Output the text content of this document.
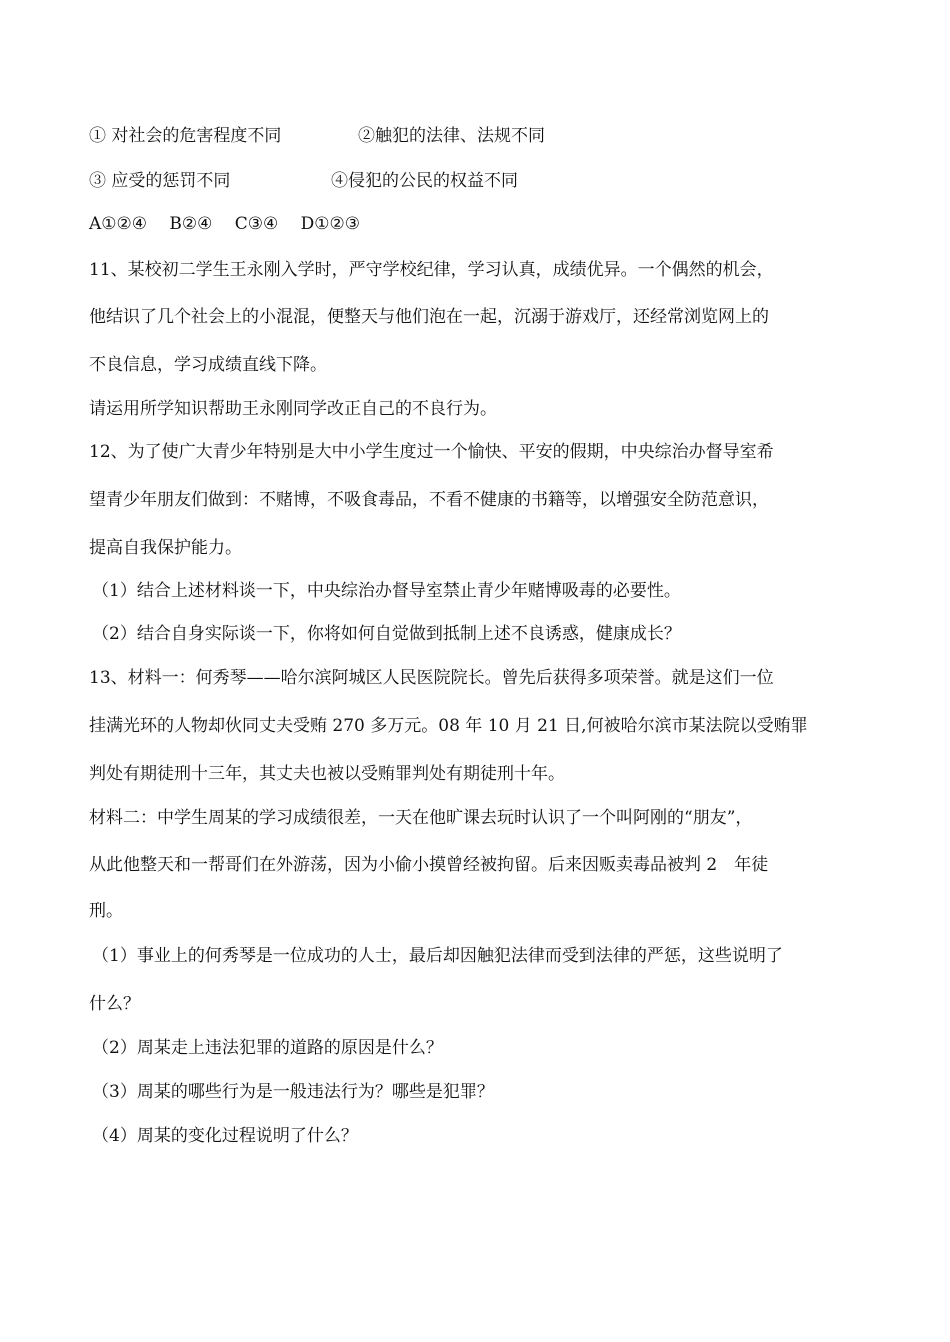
① 对社会的危害程度不同	②触犯的法律、法规不同
③ 应受的惩罚不同	④侵犯的公民的权益不同
A①②④　 B②④　 C③④　 D①②③
11、某校初二学生王永刚入学时，严守学校纪律，学习认真，成绩优异。一个偶然的机会，
他结识了几个社会上的小混混，便整天与他们泡在一起，沉溺于游戏厅，还经常浏览网上的
不良信息，学习成绩直线下降。
请运用所学知识帮助王永刚同学改正自己的不良行为。
12、为了使广大青少年特别是大中小学生度过一个愉快、平安的假期，中央综治办督导室希
望青少年朋友们做到：不赌博，不吸食毒品，不看不健康的书籍等，以增强安全防范意识，
提高自我保护能力。
（1）结合上述材料谈一下，中央综治办督导室禁止青少年赌博吸毒的必要性。
（2）结合自身实际谈一下，你将如何自觉做到抵制上述不良诱惑，健康成长？
13、材料一：何秀琴——哈尔滨阿城区人民医院院长。曾先后获得多项荣誉。就是这们一位
挂满光环的人物却伙同丈夫受贿 270 多万元。08 年 10 月 21 日,何被哈尔滨市某法院以受贿罪
判处有期徒刑十三年，其丈夫也被以受贿罪判处有期徒刑十年。
材料二：中学生周某的学习成绩很差，一天在他旷课去玩时认识了一个叫阿刚的“朋友”，
从此他整天和一帮哥们在外游荡，因为小偷小摸曾经被拘留。后来因贩卖毒品被判 2　年徒
刑。
（1）事业上的何秀琴是一位成功的人士，最后却因触犯法律而受到法律的严惩，这些说明了
什么？
（2）周某走上违法犯罪的道路的原因是什么？
（3）周某的哪些行为是一般违法行为？哪些是犯罪？
（4）周某的变化过程说明了什么？
